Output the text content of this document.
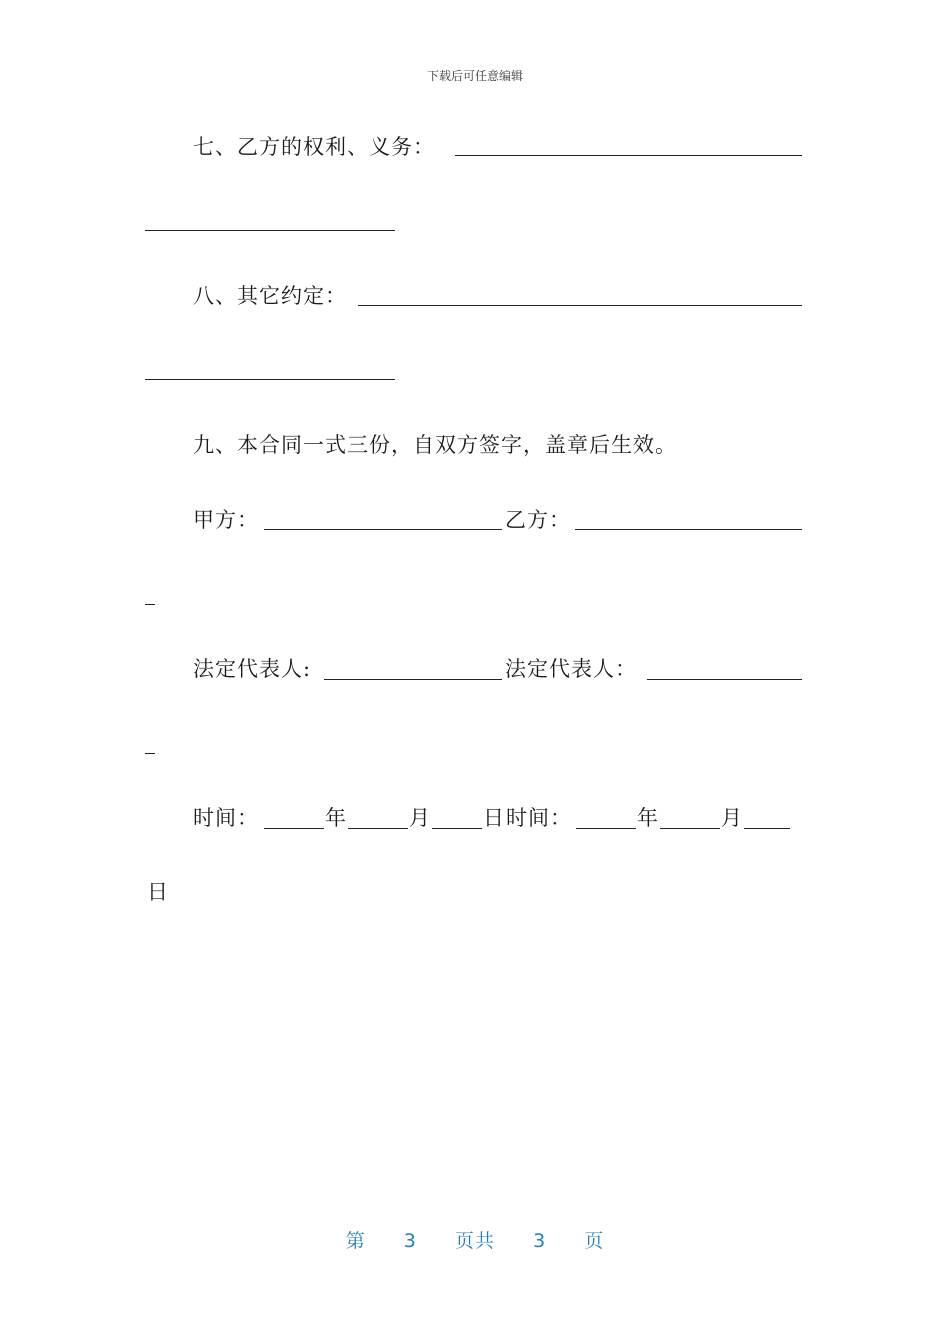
下载后可任意编辑
七、乙方的权利、义务：
八、其它约定：
九、本合同一式三份，自双方签字，盖章后生效。
甲方：	乙方：
法定代表人:	法定代表人：
时间：	年	月 日 时间：	年	月
日
第 3 页共 3 页
